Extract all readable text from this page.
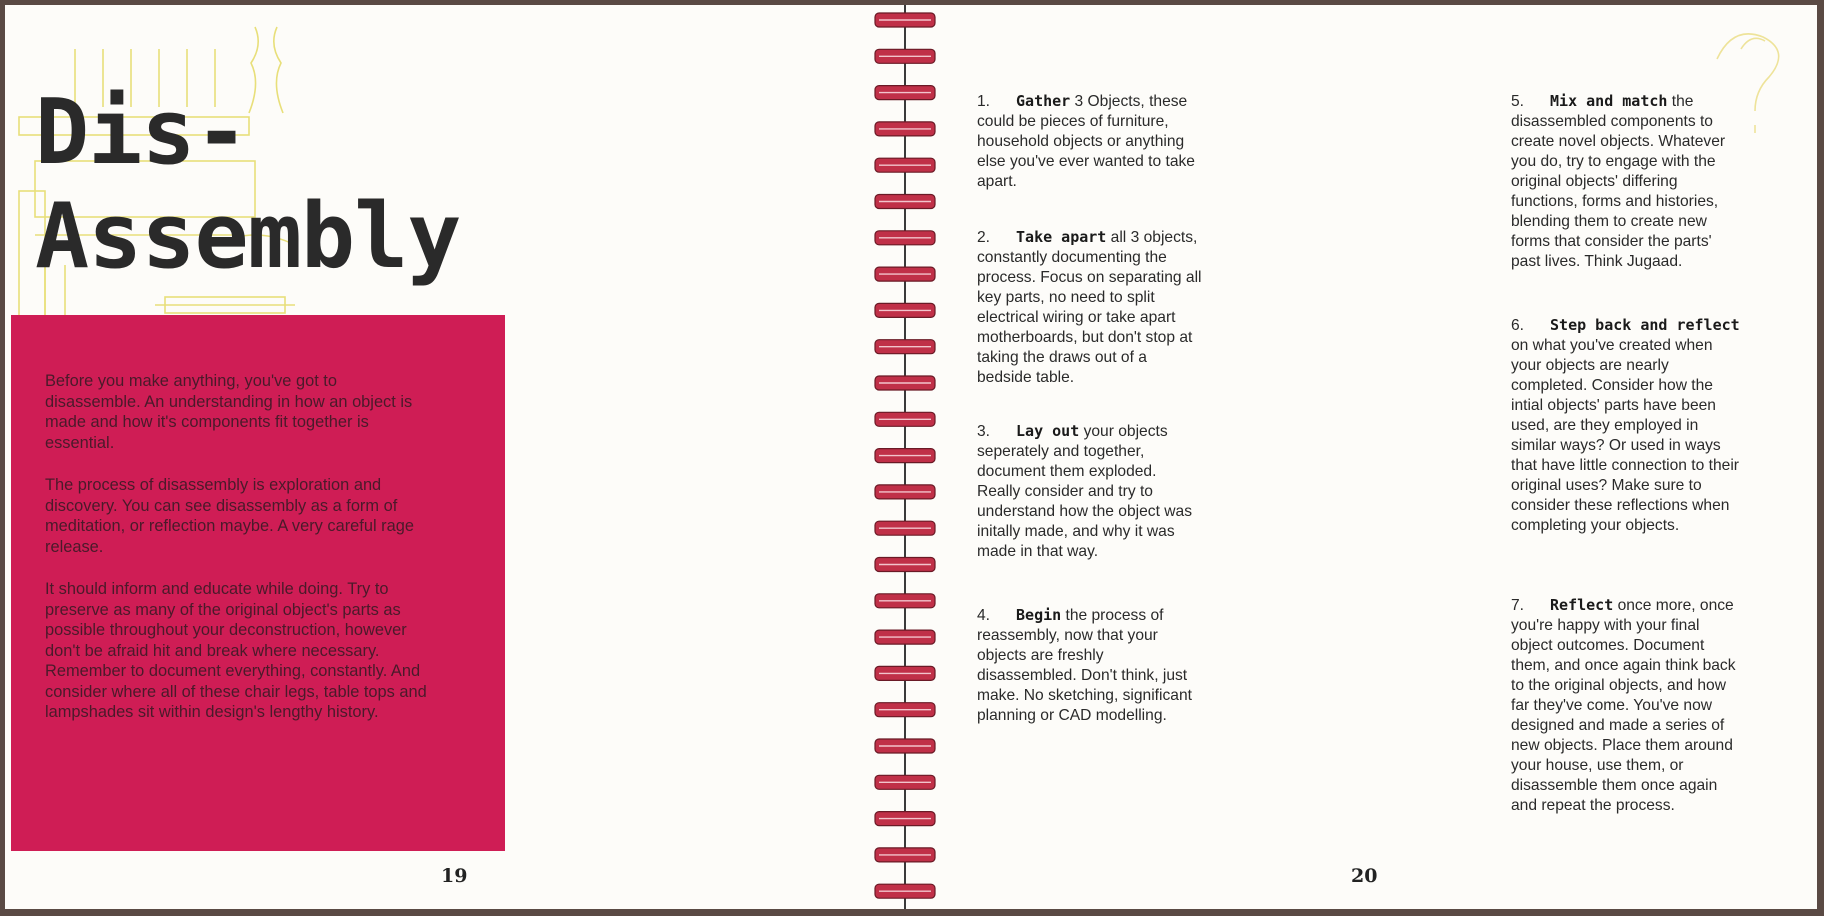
Dis-
Assembly

Before you make anything, you've got to disassemble. An understanding in how an object is made and how it's components fit together is essential.

The process of disassembly is exploration and discovery. You can see disassembly as a form of meditation, or reflection maybe. A very careful rage release.

It should inform and educate while doing. Try to preserve as many of the original object's parts as possible throughout your deconstruction, however don't be afraid hit and break where necessary. Remember to document everything, constantly. And consider where all of these chair legs, table tops and lampshades sit within design's lengthy history.

19

1. Gather 3 Objects, these could be pieces of furniture, household objects or anything else you've ever wanted to take apart.

2. Take apart all 3 objects, constantly documenting the process. Focus on separating all key parts, no need to split electrical wiring or take apart motherboards, but don't stop at taking the draws out of a bedside table.

3. Lay out your objects seperately and together, document them exploded. Really consider and try to understand how the object was initally made, and why it was made in that way.

4. Begin the process of reassembly, now that your objects are freshly disassembled. Don't think, just make. No sketching, significant planning or CAD modelling.

5. Mix and match the disassembled components to create novel objects. Whatever you do, try to engage with the original objects' differing functions, forms and histories, blending them to create new forms that consider the parts' past lives. Think Jugaad.

6. Step back and reflect on what you've created when your objects are nearly completed. Consider how the intial objects' parts have been used, are they employed in similar ways? Or used in ways that have little connection to their original uses? Make sure to consider these reflections when completing your objects.

7. Reflect once more, once you're happy with your final object outcomes. Document them, and once again think back to the original objects, and how far they've come. You've now designed and made a series of new objects. Place them around your house, use them, or disassemble them once again and repeat the process.

20
